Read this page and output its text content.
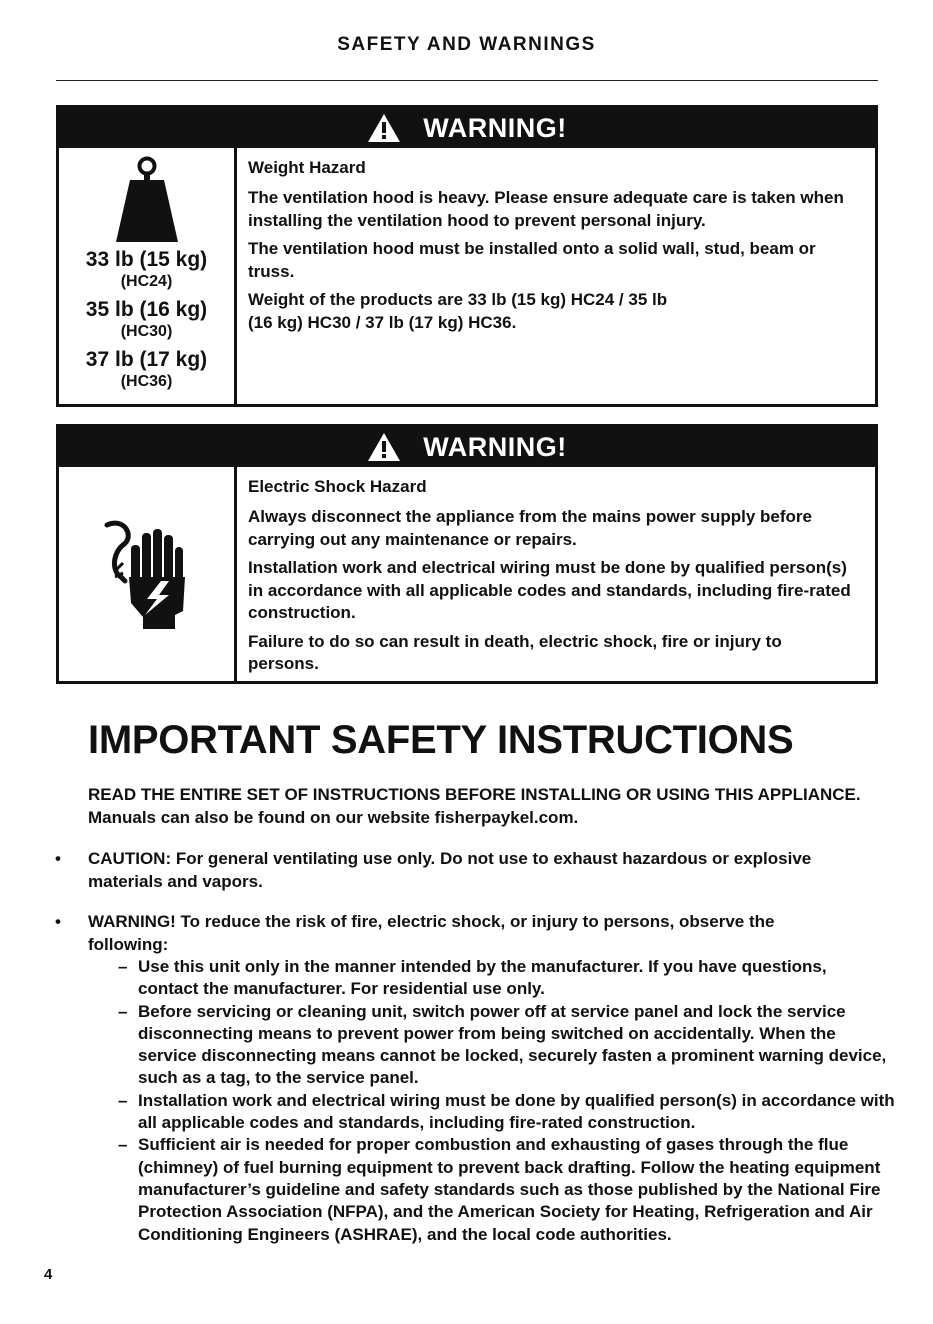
SAFETY AND WARNINGS
WARNING!
33 lb (15 kg)
(HC24)
35 lb (16 kg)
(HC30)
37 lb (17 kg)
(HC36)
Weight Hazard

The ventilation hood is heavy. Please ensure adequate care is taken when installing the ventilation hood to prevent personal injury.

The ventilation hood must be installed onto a solid wall, stud, beam or truss.

Weight of the products are 33 lb (15 kg) HC24 / 35 lb (16 kg) HC30 / 37 lb (17 kg) HC36.

WARNING!
Electric Shock Hazard

Always disconnect the appliance from the mains power supply before carrying out any maintenance or repairs.

Installation work and electrical wiring must be done by qualified person(s) in accordance with all applicable codes and standards, including fire-rated construction.

Failure to do so can result in death, electric shock, fire or injury to persons.

IMPORTANT SAFETY INSTRUCTIONS
READ THE ENTIRE SET OF INSTRUCTIONS BEFORE INSTALLING OR USING THIS APPLIANCE. Manuals can also be found on our website fisherpaykel.com.
• CAUTION: For general ventilating use only. Do not use to exhaust hazardous or explosive materials and vapors.
• WARNING! To reduce the risk of fire, electric shock, or injury to persons, observe the following:
– Use this unit only in the manner intended by the manufacturer. If you have questions, contact the manufacturer. For residential use only.
– Before servicing or cleaning unit, switch power off at service panel and lock the service disconnecting means to prevent power from being switched on accidentally. When the service disconnecting means cannot be locked, securely fasten a prominent warning device, such as a tag, to the service panel.
– Installation work and electrical wiring must be done by qualified person(s) in accordance with all applicable codes and standards, including fire-rated construction.
– Sufficient air is needed for proper combustion and exhausting of gases through the flue (chimney) of fuel burning equipment to prevent back drafting. Follow the heating equipment manufacturer’s guideline and safety standards such as those published by the National Fire Protection Association (NFPA), and the American Society for Heating, Refrigeration and Air Conditioning Engineers (ASHRAE), and the local code authorities.
4
